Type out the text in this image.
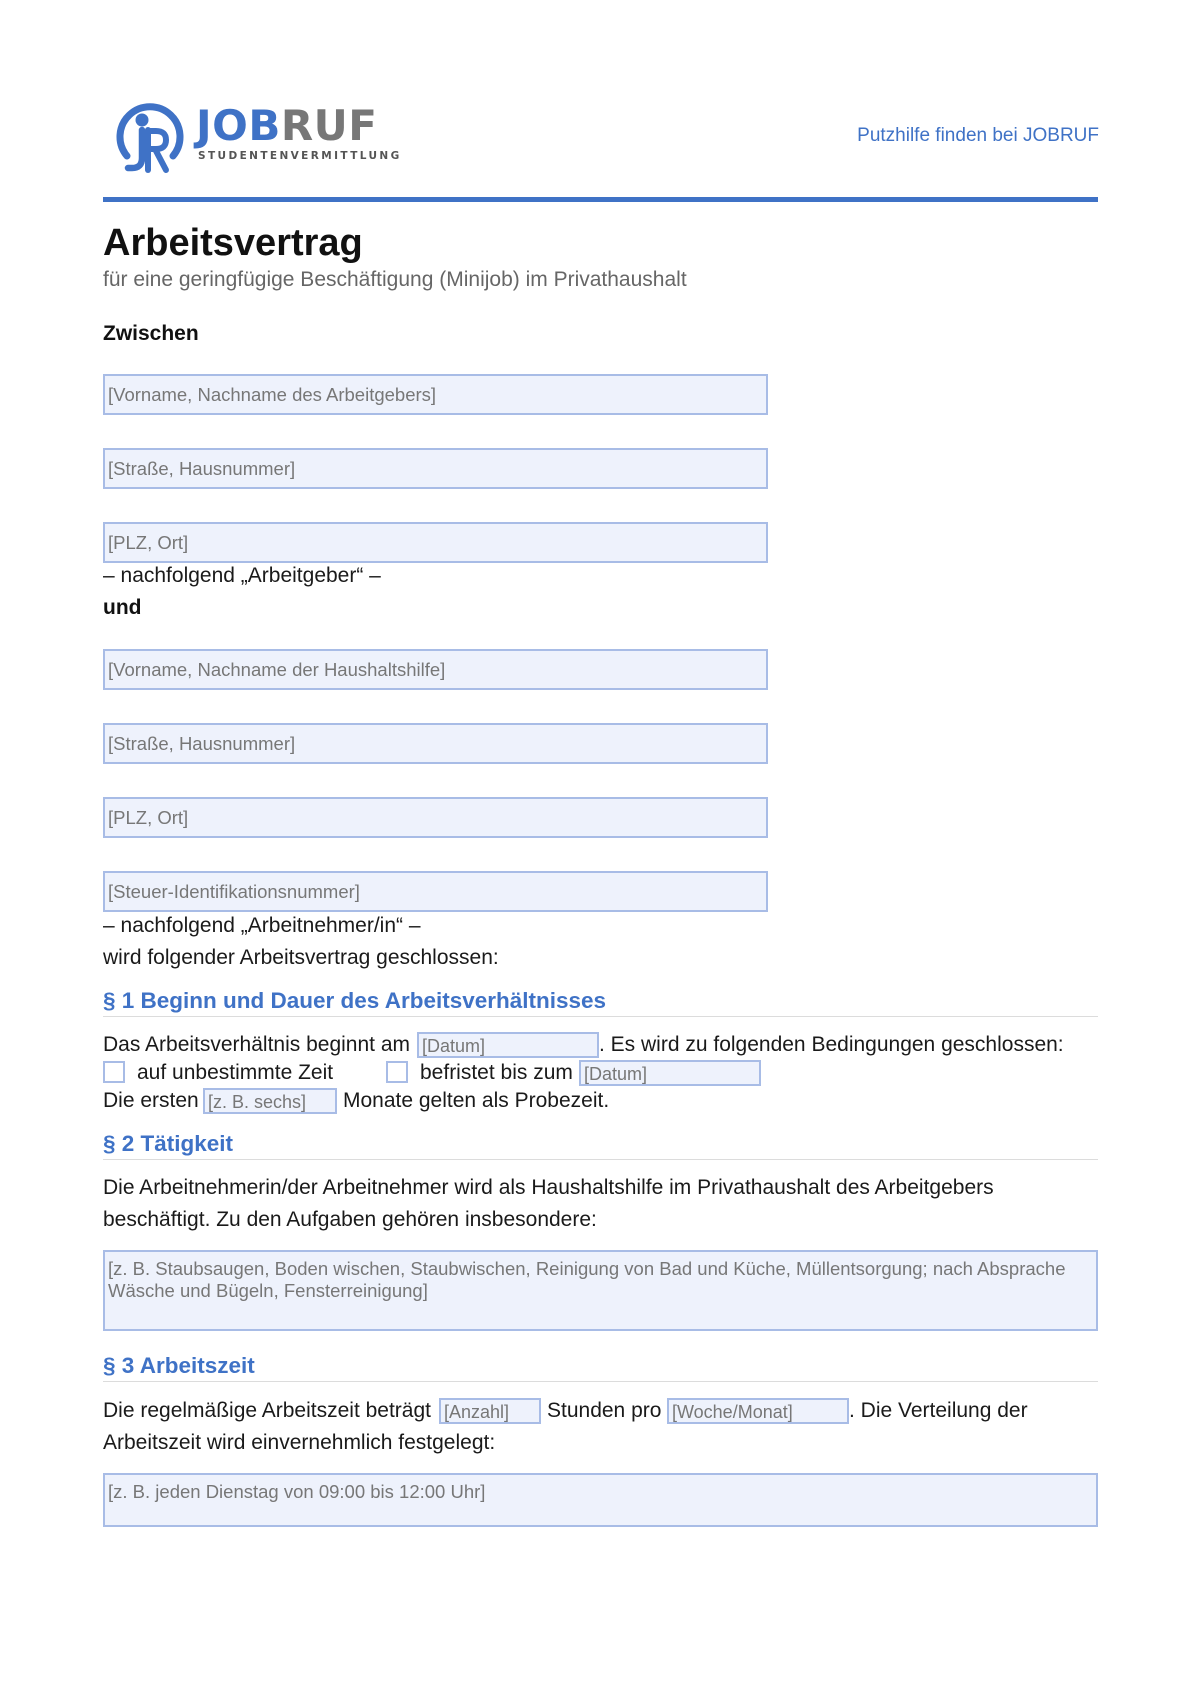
JOBRUF
STUDENTENVERMITTLUNG
Putzhilfe finden bei JOBRUF
Arbeitsvertrag
für eine geringfügige Beschäftigung (Minijob) im Privathaushalt
Zwischen
[Vorname, Nachname des Arbeitgebers]
[Straße, Hausnummer]
[PLZ, Ort]
– nachfolgend „Arbeitgeber“ –
und
[Vorname, Nachname der Haushaltshilfe]
[Straße, Hausnummer]
[PLZ, Ort]
[Steuer-Identifikationsnummer]
– nachfolgend „Arbeitnehmer/in“ –
wird folgender Arbeitsvertrag geschlossen:
§ 1 Beginn und Dauer des Arbeitsverhältnisses
Das Arbeitsverhältnis beginnt am
[Datum]	. Es wird zu folgenden Bedingungen geschlossen:
auf unbestimmte Zeit	befristet bis zum
[Datum]
Die ersten
[z. B. sechs]	Monate gelten als Probezeit.
§ 2 Tätigkeit
Die Arbeitnehmerin/der Arbeitnehmer wird als Haushaltshilfe im Privathaushalt des Arbeitgebers
beschäftigt. Zu den Aufgaben gehören insbesondere:
[z. B. Staubsaugen, Boden wischen, Staubwischen, Reinigung von Bad und Küche, Müllentsorgung; nach Absprache Wäsche und Bügeln, Fensterreinigung]
§ 3 Arbeitszeit
Die regelmäßige Arbeitszeit beträgt
[Anzahl]	Stunden pro
[Woche/Monat]	. Die Verteilung der
Arbeitszeit wird einvernehmlich festgelegt:
[z. B. jeden Dienstag von 09:00 bis 12:00 Uhr]
